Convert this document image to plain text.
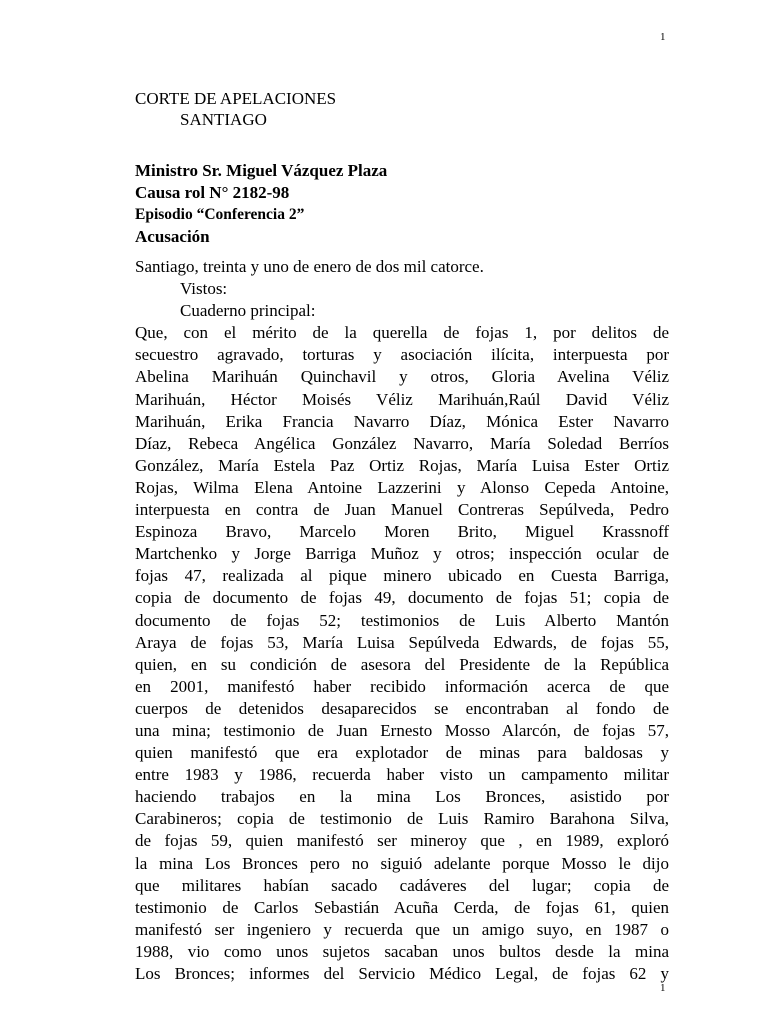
1
CORTE DE APELACIONES
SANTIAGO
Ministro Sr. Miguel Vázquez Plaza
Causa rol N° 2182-98
Episodio “Conferencia 2”
Acusación
Santiago, treinta y uno de enero de dos mil catorce.
Vistos:
Cuaderno principal:
Que, con el mérito de la querella de fojas 1, por delitos de
secuestro agravado, torturas y asociación ilícita, interpuesta por
Abelina Marihuán Quinchavil y otros, Gloria Avelina Véliz
Marihuán, Héctor Moisés Véliz Marihuán,Raúl David Véliz
Marihuán, Erika Francia Navarro Díaz, Mónica Ester Navarro
Díaz, Rebeca Angélica González Navarro, María Soledad Berríos
González, María Estela Paz Ortiz Rojas, María Luisa Ester Ortiz
Rojas, Wilma Elena Antoine Lazzerini y Alonso Cepeda Antoine,
interpuesta en contra de Juan Manuel Contreras Sepúlveda, Pedro
Espinoza Bravo, Marcelo Moren Brito, Miguel Krassnoff
Martchenko y Jorge Barriga Muñoz y otros; inspección ocular de
fojas 47, realizada al pique minero ubicado en Cuesta Barriga,
copia de documento de fojas 49, documento de fojas 51; copia de
documento de fojas 52; testimonios de Luis Alberto Mantón
Araya de fojas 53, María Luisa Sepúlveda Edwards, de fojas 55,
quien, en su condición de asesora del Presidente de la República
en 2001, manifestó haber recibido información acerca de que
cuerpos de detenidos desaparecidos se encontraban al fondo de
una mina; testimonio de Juan Ernesto Mosso Alarcón, de fojas 57,
quien manifestó que era explotador de minas para baldosas y
entre 1983 y 1986, recuerda haber visto un campamento militar
haciendo trabajos en la mina Los Bronces, asistido por
Carabineros; copia de testimonio de Luis Ramiro Barahona Silva,
de fojas 59, quien manifestó ser mineroy que , en 1989, exploró
la mina Los Bronces pero no siguió adelante porque Mosso le dijo
que militares habían sacado cadáveres del lugar; copia de
testimonio de Carlos Sebastián Acuña Cerda, de fojas 61, quien
manifestó ser ingeniero y recuerda que un amigo suyo, en 1987 o
1988, vio como unos sujetos sacaban unos bultos desde la mina
Los Bronces; informes del Servicio Médico Legal, de fojas 62 y
1
